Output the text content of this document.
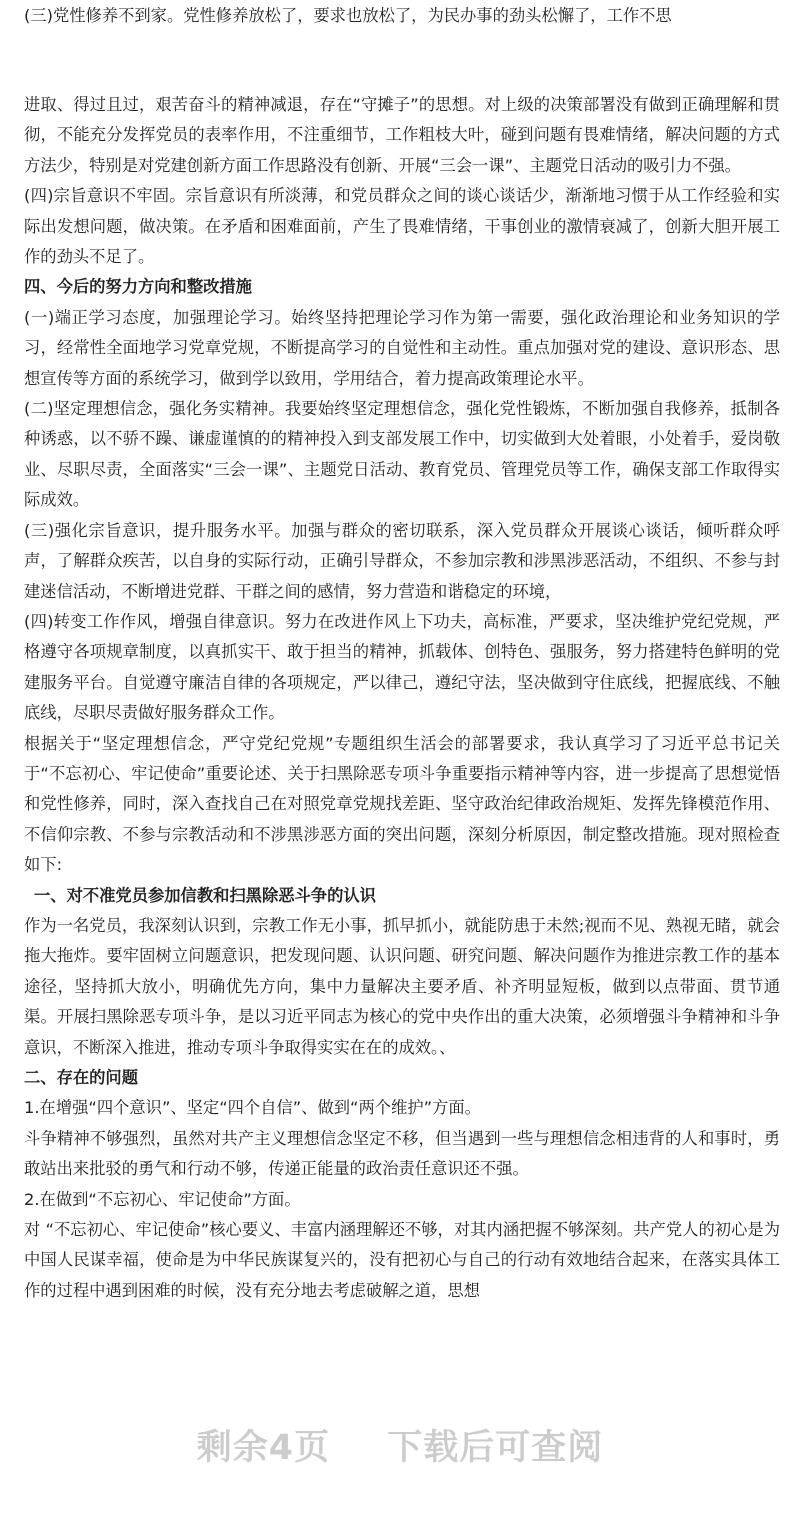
(三)党性修养不到家。党性修养放松了，要求也放松了，为民办事的劲头松懈了，工作不思

进取、得过且过，艰苦奋斗的精神减退，存在“守摊子”的思想。对上级的决策部署没有做到正确理解和贯彻，不能充分发挥党员的表率作用，不注重细节，工作粗枝大叶，碰到问题有畏难情绪，解决问题的方式方法少，特别是对党建创新方面工作思路没有创新、开展“三会一课”、主题党日活动的吸引力不强。

(四)宗旨意识不牢固。宗旨意识有所淡薄，和党员群众之间的谈心谈话少，渐渐地习惯于从工作经验和实际出发想问题，做决策。在矛盾和困难面前，产生了畏难情绪，干事创业的激情衰减了，创新大胆开展工作的劲头不足了。

四、今后的努力方向和整改措施

(一)端正学习态度，加强理论学习。始终坚持把理论学习作为第一需要，强化政治理论和业务知识的学习，经常性全面地学习党章党规，不断提高学习的自觉性和主动性。重点加强对党的建设、意识形态、思想宣传等方面的系统学习，做到学以致用，学用结合，着力提高政策理论水平。

(二)坚定理想信念，强化务实精神。我要始终坚定理想信念，强化党性锻炼，不断加强自我修养，抵制各种诱惑，以不骄不躁、谦虚谨慎的的精神投入到支部发展工作中，切实做到大处着眼，小处着手，爱岗敬业、尽职尽责，全面落实“三会一课”、主题党日活动、教育党员、管理党员等工作，确保支部工作取得实际成效。

(三)强化宗旨意识，提升服务水平。加强与群众的密切联系，深入党员群众开展谈心谈话，倾听群众呼声，了解群众疾苦，以自身的实际行动，正确引导群众，不参加宗教和涉黑涉恶活动，不组织、不参与封建迷信活动，不断增进党群、干群之间的感情，努力营造和谐稳定的环境，

(四)转变工作作风，增强自律意识。努力在改进作风上下功夫，高标准，严要求，坚决维护党纪党规，严格遵守各项规章制度，以真抓实干、敢于担当的精神，抓载体、创特色、强服务，努力搭建特色鲜明的党建服务平台。自觉遵守廉洁自律的各项规定，严以律己，遵纪守法，坚决做到守住底线，把握底线、不触底线，尽职尽责做好服务群众工作。

根据关于“坚定理想信念，严守党纪党规”专题组织生活会的部署要求，我认真学习了习近平总书记关于“不忘初心、牢记使命”重要论述、关于扫黑除恶专项斗争重要指示精神等内容，进一步提高了思想觉悟和党性修养，同时，深入查找自己在对照党章党规找差距、坚守政治纪律政治规矩、发挥先锋模范作用、不信仰宗教、不参与宗教活动和不涉黑涉恶方面的突出问题，深刻分析原因，制定整改措施。现对照检查如下:

一、对不准党员参加信教和扫黑除恶斗争的认识

作为一名党员，我深刻认识到，宗教工作无小事，抓早抓小，就能防患于未然;视而不见、熟视无睹，就会拖大拖炸。要牢固树立问题意识，把发现问题、认识问题、研究问题、解决问题作为推进宗教工作的基本途径，坚持抓大放小，明确优先方向，集中力量解决主要矛盾、补齐明显短板，做到以点带面、贯节通渠。开展扫黑除恶专项斗争，是以习近平同志为核心的党中央作出的重大决策，必须增强斗争精神和斗争意识，不断深入推进，推动专项斗争取得实实在在的成效。、

二、存在的问题

1.在增强“四个意识”、坚定“四个自信”、做到“两个维护”方面。

斗争精神不够强烈，虽然对共产主义理想信念坚定不移，但当遇到一些与理想信念相违背的人和事时，勇敢站出来批驳的勇气和行动不够，传递正能量的政治责任意识还不强。

2.在做到“不忘初心、牢记使命”方面。

对 “不忘初心、牢记使命”核心要义、丰富内涵理解还不够，对其内涵把握不够深刻。共产党人的初心是为中国人民谋幸福，使命是为中华民族谋复兴的，没有把初心与自己的行动有效地结合起来，在落实具体工作的过程中遇到困难的时候，没有充分地去考虑破解之道，思想

剩余4页 下载后可查阅
